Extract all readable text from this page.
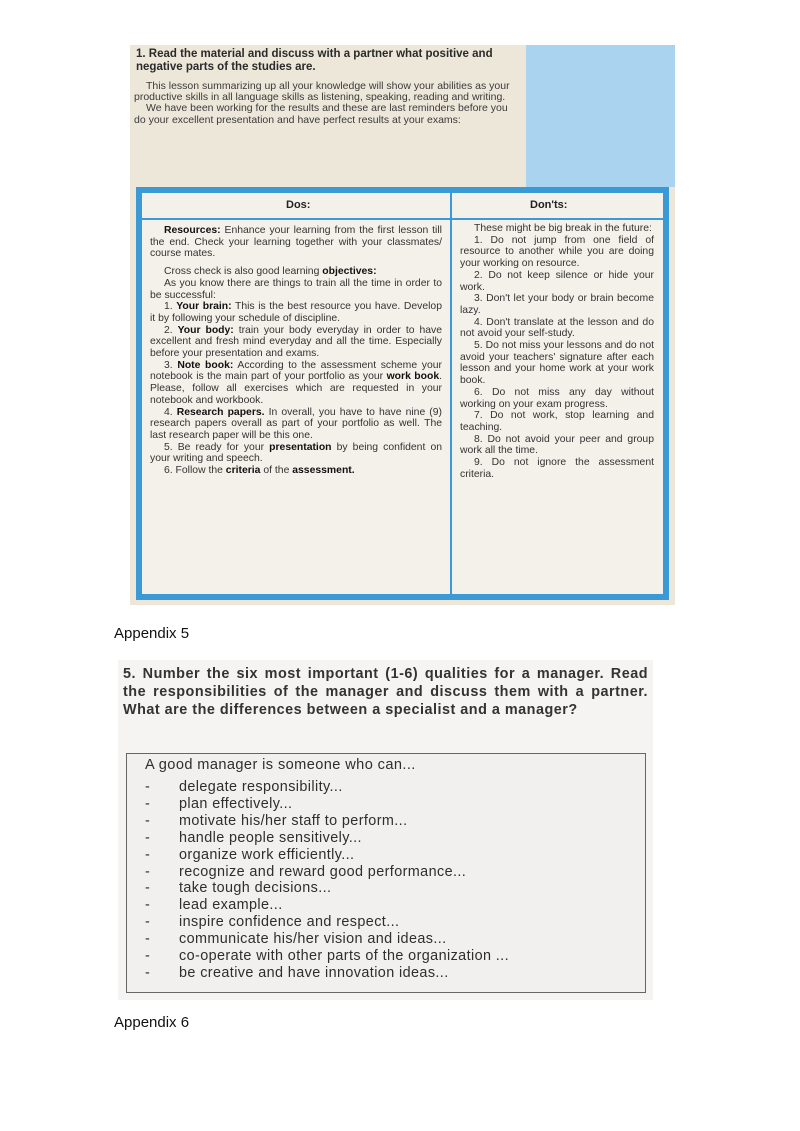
1. Read the material and discuss with a partner what positive and negative parts of the studies are.

This lesson summarizing up all your knowledge will show your abilities as your productive skills in all language skills as listening, speaking, reading and writing.

We have been working for the results and these are last reminders before you do your excellent presentation and have perfect results at your exams:

Dos:	Don'ts:

Resources: Enhance your learning from the first lesson till the end. Check your learning together with your classmates/ course mates.

Cross check is also good learning objectives:

As you know there are things to train all the time in order to be successful:

1. Your brain: This is the best resource you have. Develop it by following your schedule of discipline.

2. Your body: train your body everyday in order to have excellent and fresh mind everyday and all the time. Especially before your presentation and exams.

3. Note book: According to the assessment scheme your notebook is the main part of your portfolio as your work book. Please, follow all exercises which are requested in your notebook and workbook.

4. Research papers. In overall, you have to have nine (9) research papers overall as part of your portfolio as well. The last research paper will be this one.

5. Be ready for your presentation by being confident on your writing and speech.

6. Follow the criteria of the assessment.

These might be big break in the future:

1. Do not jump from one field of resource to another while you are doing your working on resource.

2. Do not keep silence or hide your work.

3. Don't let your body or brain become lazy.

4. Don't translate at the lesson and do not avoid your self-study.

5. Do not miss your lessons and do not avoid your teachers' signature after each lesson and your home work at your work book.

6. Do not miss any day without working on your exam progress.

7. Do not work, stop learning and teaching.

8. Do not avoid your peer and group work all the time.

9. Do not ignore the assessment criteria.

Appendix 5
5. Number the six most important (1-6) qualities for a manager. Read the responsibilities of the manager and discuss them with a partner. What are the differences between a specialist and a manager?
A good manager is someone who can...
- delegate responsibility...
- plan effectively...
- motivate his/her staff to perform...
- handle people sensitively...
- organize work efficiently...
- recognize and reward good performance...
- take tough decisions...
- lead example...
- inspire confidence and respect...
- communicate his/her vision and ideas...
- co-operate with other parts of the organization ...
- be creative and have innovation ideas...
Appendix 6
